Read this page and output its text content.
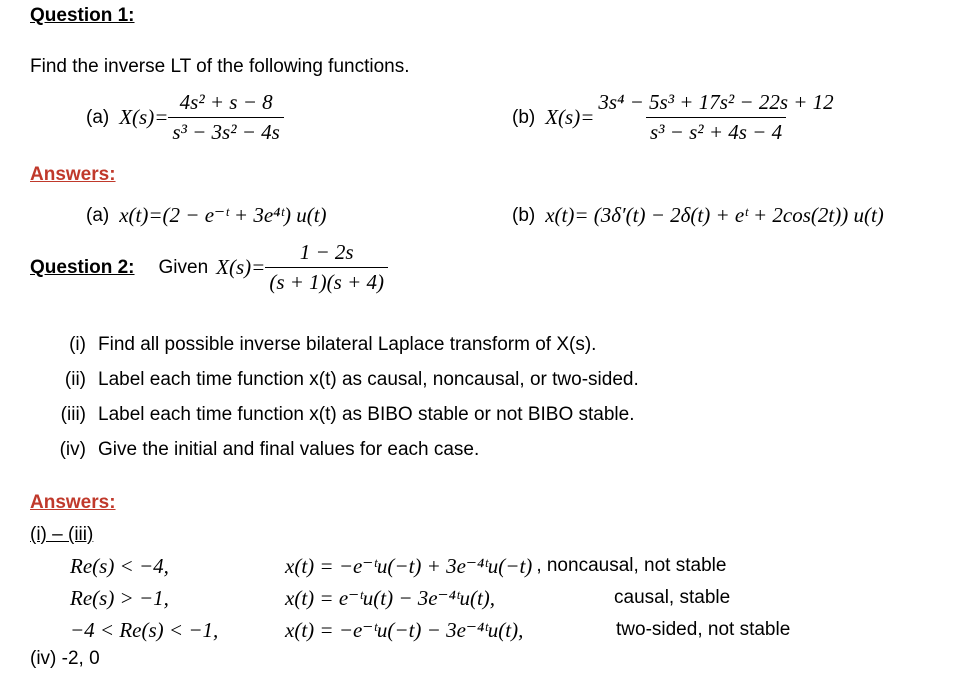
Question 1:
Find the inverse LT of the following functions.
(a) $X(s)= \frac{\text{4s² + s − 8}}{\text{s³ − 3s² − 4s}}$	(b) $X(s)= \frac{\text{3s⁴ − 5s³ + 17s² − 22s + 12}}{\text{s³ − s² + 4s − 4}}$
Answers:
(a) x(t)=(2 − e⁻ᵗ + 3e⁴ᵗ) u(t)	(b) x(t)= (3δ′(t) − 2δ(t) + eᵗ + 2cos(2t)) u(t)
Question 2: Given $X(s)= \frac{1 - 2s}{(s + 1)(s + 4)}$
(i) Find all possible inverse bilateral Laplace transform of X(s).
(ii) Label each time function x(t) as causal, noncausal, or two-sided.
(iii) Label each time function x(t) as BIBO stable or not BIBO stable.
(iv) Give the initial and final values for each case.
Answers:
(i) – (iii)
Re(s) < −4,	x(t) = −e⁻ᵗu(−t) + 3e⁻⁴ᵗu(−t) , noncausal, not stable
Re(s) > −1,	x(t) = e⁻ᵗu(t) − 3e⁻⁴ᵗu(t),	causal, stable
−4 < Re(s) < −1,	x(t) = −e⁻ᵗu(−t) − 3e⁻⁴ᵗu(t),	two-sided, not stable
(iv) -2, 0
